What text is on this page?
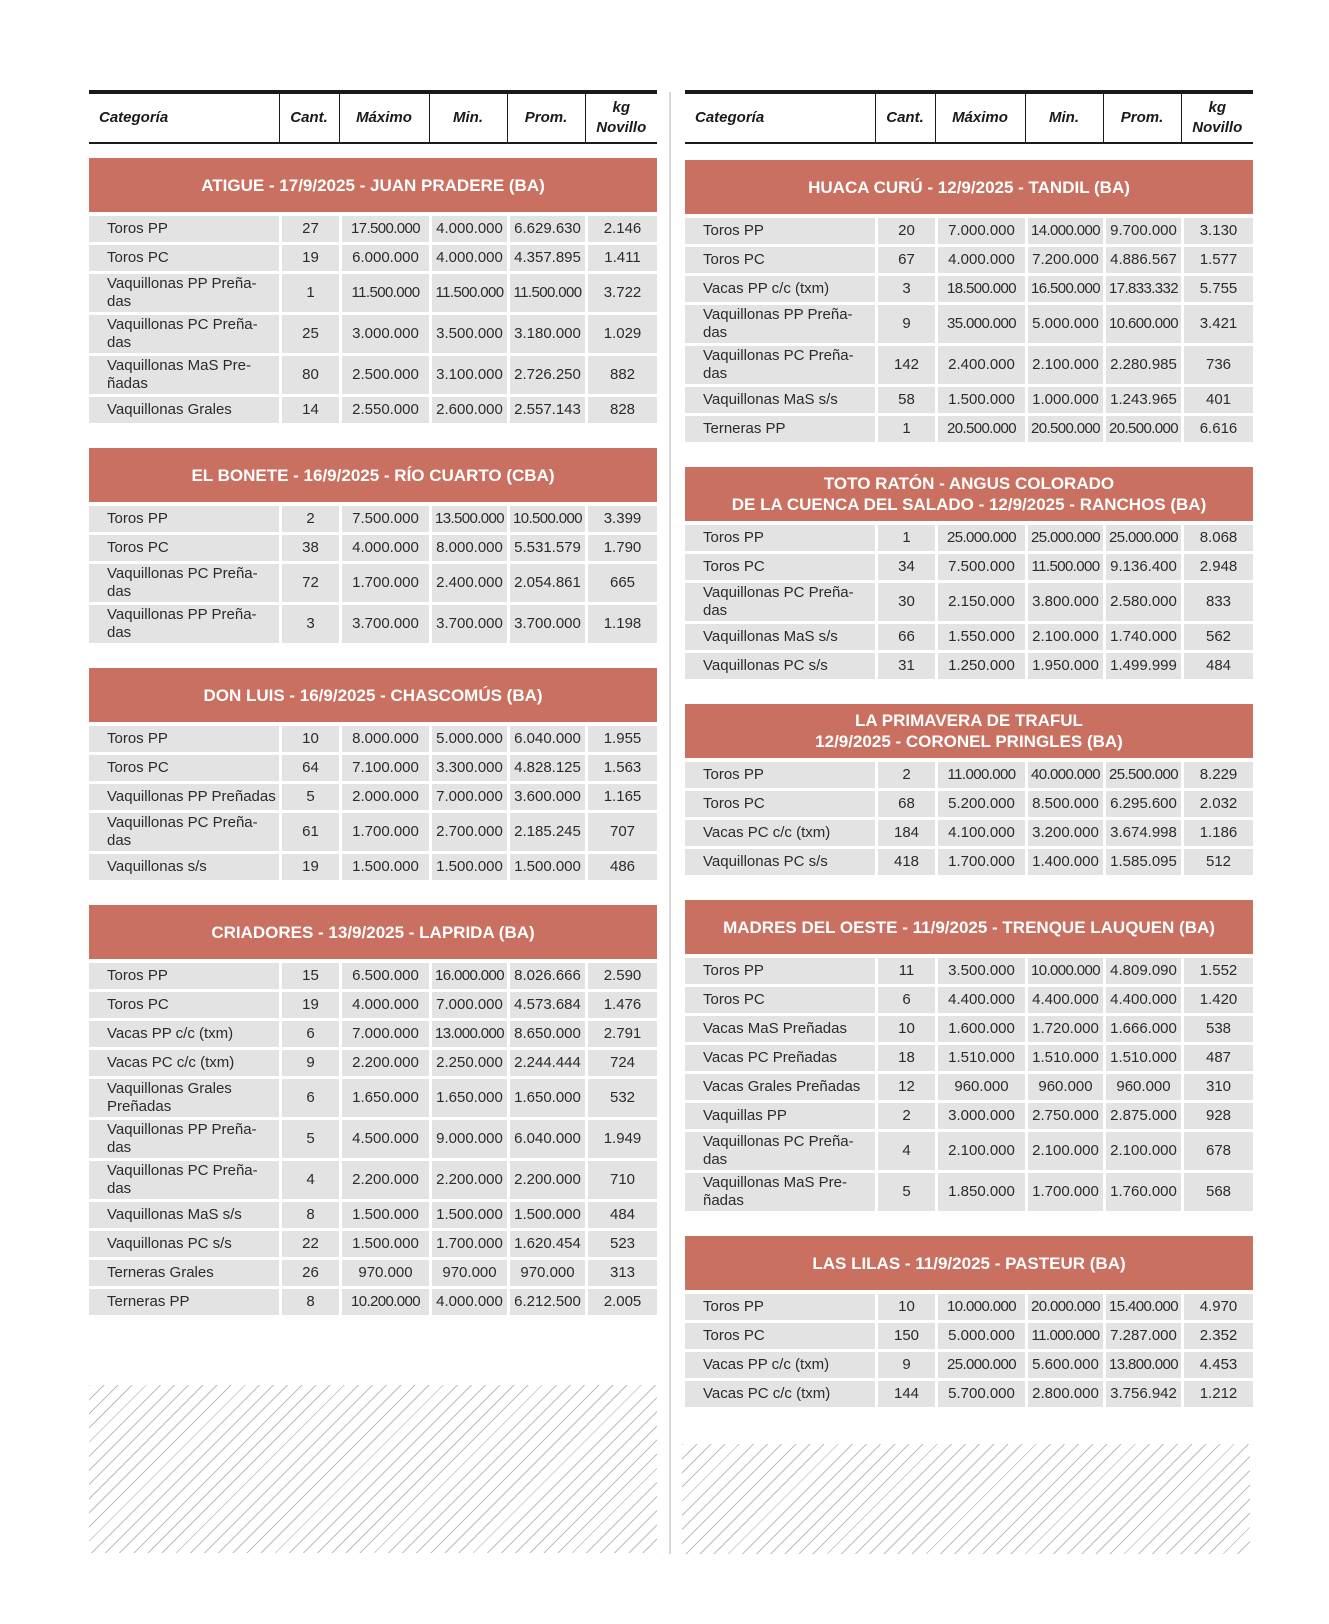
Categoría	Cant.	Máximo	Min.	Prom.	kg
Novillo
ATIGUE - 17/9/2025 - JUAN PRADERE (BA)
Toros PP	27	17.500.000	4.000.000	6.629.630	2.146
Toros PC	19	6.000.000	4.000.000	4.357.895	1.411
Vaquillonas PP Preña-
das	1	11.500.000	11.500.000	11.500.000	3.722
Vaquillonas PC Preña-
das	25	3.000.000	3.500.000	3.180.000	1.029
Vaquillonas MaS Pre-
ñadas	80	2.500.000	3.100.000	2.726.250	882
Vaquillonas Grales	14	2.550.000	2.600.000	2.557.143	828
EL BONETE - 16/9/2025 - RÍO CUARTO (CBA)
Toros PP	2	7.500.000	13.500.000	10.500.000	3.399
Toros PC	38	4.000.000	8.000.000	5.531.579	1.790
Vaquillonas PC Preña-
das	72	1.700.000	2.400.000	2.054.861	665
Vaquillonas PP Preña-
das	3	3.700.000	3.700.000	3.700.000	1.198
DON LUIS - 16/9/2025 - CHASCOMÚS (BA)
Toros PP	10	8.000.000	5.000.000	6.040.000	1.955
Toros PC	64	7.100.000	3.300.000	4.828.125	1.563
Vaquillonas PP Preñadas	5	2.000.000	7.000.000	3.600.000	1.165
Vaquillonas PC Preña-
das	61	1.700.000	2.700.000	2.185.245	707
Vaquillonas s/s	19	1.500.000	1.500.000	1.500.000	486
CRIADORES - 13/9/2025 - LAPRIDA (BA)
Toros PP	15	6.500.000	16.000.000	8.026.666	2.590
Toros PC	19	4.000.000	7.000.000	4.573.684	1.476
Vacas PP c/c (txm)	6	7.000.000	13.000.000	8.650.000	2.791
Vacas PC c/c (txm)	9	2.200.000	2.250.000	2.244.444	724
Vaquillonas Grales
Preñadas	6	1.650.000	1.650.000	1.650.000	532
Vaquillonas PP Preña-
das	5	4.500.000	9.000.000	6.040.000	1.949
Vaquillonas PC Preña-
das	4	2.200.000	2.200.000	2.200.000	710
Vaquillonas MaS s/s	8	1.500.000	1.500.000	1.500.000	484
Vaquillonas PC s/s	22	1.500.000	1.700.000	1.620.454	523
Terneras Grales	26	970.000	970.000	970.000	313
Terneras PP	8	10.200.000	4.000.000	6.212.500	2.005
Categoría	Cant.	Máximo	Min.	Prom.	kg
Novillo
HUACA CURÚ - 12/9/2025 - TANDIL (BA)
Toros PP	20	7.000.000	14.000.000	9.700.000	3.130
Toros PC	67	4.000.000	7.200.000	4.886.567	1.577
Vacas PP c/c (txm)	3	18.500.000	16.500.000	17.833.332	5.755
Vaquillonas PP Preña-
das	9	35.000.000	5.000.000	10.600.000	3.421
Vaquillonas PC Preña-
das	142	2.400.000	2.100.000	2.280.985	736
Vaquillonas MaS s/s	58	1.500.000	1.000.000	1.243.965	401
Terneras PP	1	20.500.000	20.500.000	20.500.000	6.616
TOTO RATÓN - ANGUS COLORADO
DE LA CUENCA DEL SALADO - 12/9/2025 - RANCHOS (BA)
Toros PP	1	25.000.000	25.000.000	25.000.000	8.068
Toros PC	34	7.500.000	11.500.000	9.136.400	2.948
Vaquillonas PC Preña-
das	30	2.150.000	3.800.000	2.580.000	833
Vaquillonas MaS s/s	66	1.550.000	2.100.000	1.740.000	562
Vaquillonas PC s/s	31	1.250.000	1.950.000	1.499.999	484
LA PRIMAVERA DE TRAFUL
12/9/2025 - CORONEL PRINGLES (BA)
Toros PP	2	11.000.000	40.000.000	25.500.000	8.229
Toros PC	68	5.200.000	8.500.000	6.295.600	2.032
Vacas PC c/c (txm)	184	4.100.000	3.200.000	3.674.998	1.186
Vaquillonas PC s/s	418	1.700.000	1.400.000	1.585.095	512
MADRES DEL OESTE - 11/9/2025 - TRENQUE LAUQUEN (BA)
Toros PP	11	3.500.000	10.000.000	4.809.090	1.552
Toros PC	6	4.400.000	4.400.000	4.400.000	1.420
Vacas MaS Preñadas	10	1.600.000	1.720.000	1.666.000	538
Vacas PC Preñadas	18	1.510.000	1.510.000	1.510.000	487
Vacas Grales Preñadas	12	960.000	960.000	960.000	310
Vaquillas PP	2	3.000.000	2.750.000	2.875.000	928
Vaquillonas PC Preña-
das	4	2.100.000	2.100.000	2.100.000	678
Vaquillonas MaS Pre-
ñadas	5	1.850.000	1.700.000	1.760.000	568
LAS LILAS - 11/9/2025 - PASTEUR (BA)
Toros PP	10	10.000.000	20.000.000	15.400.000	4.970
Toros PC	150	5.000.000	11.000.000	7.287.000	2.352
Vacas PP c/c (txm)	9	25.000.000	5.600.000	13.800.000	4.453
Vacas PC c/c (txm)	144	5.700.000	2.800.000	3.756.942	1.212
